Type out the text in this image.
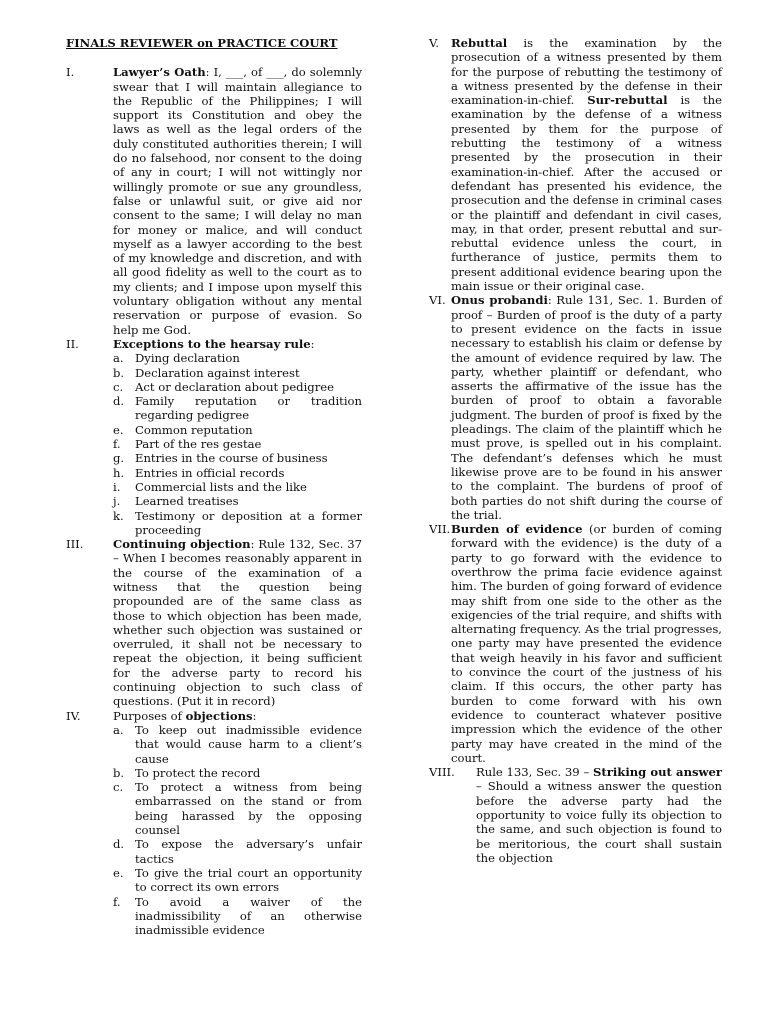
FINALS REVIEWER on PRACTICE COURT

I.	Lawyer’s Oath: I, ___, of ___, do solemnly swear that I will maintain allegiance to the Republic of the Philippines; I will support its Constitution and obey the laws as well as the legal orders of the duly constituted authorities therein; I will do no falsehood, nor consent to the doing of any in court; I will not wittingly nor willingly promote or sue any groundless, false or unlawful suit, or give aid nor consent to the same; I will delay no man for money or malice, and will conduct myself as a lawyer according to the best of my knowledge and discretion, and with all good fidelity as well to the court as to my clients; and I impose upon myself this voluntary obligation without any mental reservation or purpose of evasion. So help me God.
II.	Exceptions to the hearsay rule:
a. Dying declaration
b. Declaration against interest
c. Act or declaration about pedigree
d. Family reputation or tradition regarding pedigree
e. Common reputation
f. Part of the res gestae
g. Entries in the course of business
h. Entries in official records
i. Commercial lists and the like
j. Learned treatises
k. Testimony or deposition at a former proceeding
III.	Continuing objection: Rule 132, Sec. 37 – When I becomes reasonably apparent in the course of the examination of a witness that the question being propounded are of the same class as those to which objection has been made, whether such objection was sustained or overruled, it shall not be necessary to repeat the objection, it being sufficient for the adverse party to record his continuing objection to such class of questions. (Put it in record)
IV.	Purposes of objections:
a. To keep out inadmissible evidence that would cause harm to a client’s cause
b. To protect the record
c. To protect a witness from being embarrassed on the stand or from being harassed by the opposing counsel
d. To expose the adversary’s unfair tactics
e. To give the trial court an opportunity to correct its own errors
f. To avoid a waiver of the inadmissibility of an otherwise inadmissible evidence
V. Rebuttal is the examination by the prosecution of a witness presented by them for the purpose of rebutting the testimony of a witness presented by the defense in their examination-in-chief. Sur-rebuttal is the examination by the defense of a witness presented by them for the purpose of rebutting the testimony of a witness presented by the prosecution in their examination-in-chief. After the accused or defendant has presented his evidence, the prosecution and the defense in criminal cases or the plaintiff and defendant in civil cases, may, in that order, present rebuttal and sur-rebuttal evidence unless the court, in furtherance of justice, permits them to present additional evidence bearing upon the main issue or their original case.
VI. Onus probandi: Rule 131, Sec. 1. Burden of proof – Burden of proof is the duty of a party to present evidence on the facts in issue necessary to establish his claim or defense by the amount of evidence required by law. The party, whether plaintiff or defendant, who asserts the affirmative of the issue has the burden of proof to obtain a favorable judgment. The burden of proof is fixed by the pleadings. The claim of the plaintiff which he must prove, is spelled out in his complaint. The defendant’s defenses which he must likewise prove are to be found in his answer to the complaint. The burdens of proof of both parties do not shift during the course of the trial.
VII. Burden of evidence (or burden of coming forward with the evidence) is the duty of a party to go forward with the evidence to overthrow the prima facie evidence against him. The burden of going forward of evidence may shift from one side to the other as the exigencies of the trial require, and shifts with alternating frequency. As the trial progresses, one party may have presented the evidence that weigh heavily in his favor and sufficient to convince the court of the justness of his claim. If this occurs, the other party has burden to come forward with his own evidence to counteract whatever positive impression which the evidence of the other party may have created in the mind of the court.
VIII. Rule 133, Sec. 39 – Striking out answer – Should a witness answer the question before the adverse party had the opportunity to voice fully its objection to the same, and such objection is found to be meritorious, the court shall sustain the objection
